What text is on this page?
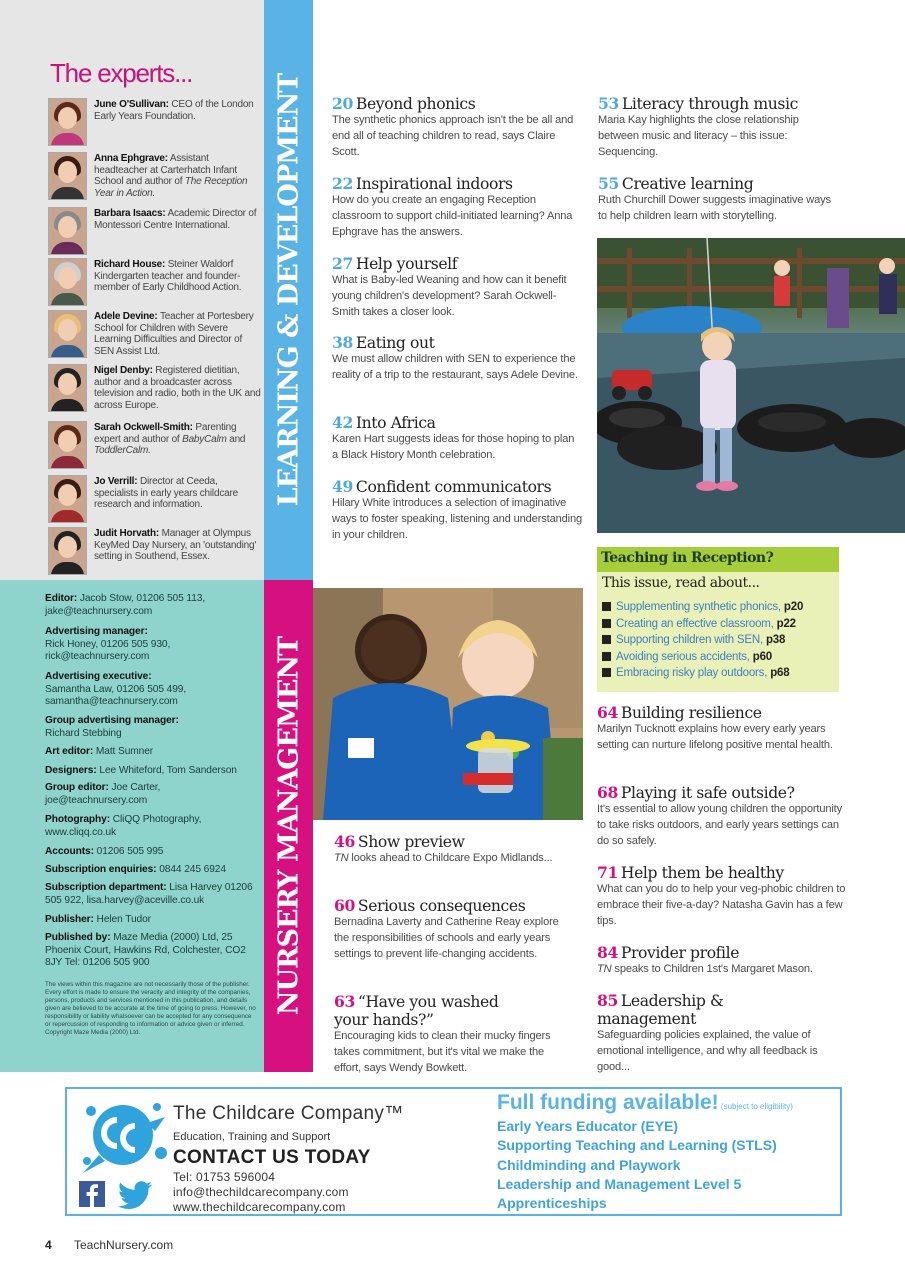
The experts...
June O'Sullivan: CEO of the London Early Years Foundation.
Anna Ephgrave: Assistant headteacher at Carterhatch Infant School and author of The Reception Year in Action.
Barbara Isaacs: Academic Director of Montessori Centre International.
Richard House: Steiner Waldorf Kindergarten teacher and founder-member of Early Childhood Action.
Adele Devine: Teacher at Portesbery School for Children with Severe Learning Difficulties and Director of SEN Assist Ltd.
Nigel Denby: Registered dietitian, author and a broadcaster across television and radio, both in the UK and across Europe.
Sarah Ockwell-Smith: Parenting expert and author of BabyCalm and ToddlerCalm.
Jo Verrill: Director at Ceeda, specialists in early years childcare research and information.
Judit Horvath: Manager at Olympus KeyMed Day Nursery, an 'outstanding' setting in Southend, Essex.
Editor: Jacob Stow, 01206 505 113, jake@teachnursery.com
Advertising manager:
Rick Honey, 01206 505 930, rick@teachnursery.com
Advertising executive:
Samantha Law, 01206 505 499, samantha@teachnursery.com
Group advertising manager:
Richard Stebbing
Art editor: Matt Sumner
Designers: Lee Whiteford, Tom Sanderson
Group editor: Joe Carter, joe@teachnursery.com
Photography: CliQQ Photography, www.cliqq.co.uk
Accounts: 01206 505 995
Subscription enquiries: 0844 245 6924
Subscription department: Lisa Harvey 01206 505 922, lisa.harvey@aceville.co.uk
Publisher: Helen Tudor
Published by: Maze Media (2000) Ltd, 25 Phoenix Court, Hawkins Rd, Colchester, CO2 8JY Tel: 01206 505 900
The views within this magazine are not necessarily those of the publisher. Every effort is made to ensure the veracity and integrity of the companies, persons, products and services mentioned in this publication, and details given are believed to be accurate at the time of going to press. However, no responsibility or liability whatsoever can be accepted for any consequence or repercussion of responding to information or advice given or inferred. Copyright Maze Media (2000) Ltd.
LEARNING & DEVELOPMENT
NURSERY MANAGEMENT
20 Beyond phonics
The synthetic phonics approach isn't the be all and end all of teaching children to read, says Claire Scott.
22 Inspirational indoors
How do you create an engaging Reception classroom to support child-initiated learning? Anna Ephgrave has the answers.
27 Help yourself
What is Baby-led Weaning and how can it benefit young children's development? Sarah Ockwell-Smith takes a closer look.
38 Eating out
We must allow children with SEN to experience the reality of a trip to the restaurant, says Adele Devine.
42 Into Africa
Karen Hart suggests ideas for those hoping to plan a Black History Month celebration.
49 Confident communicators
Hilary White introduces a selection of imaginative ways to foster speaking, listening and understanding in your children.
53 Literacy through music
Maria Kay highlights the close relationship between music and literacy – this issue: Sequencing.
55 Creative learning
Ruth Churchill Dower suggests imaginative ways to help children learn with storytelling.
46 Show preview
TN looks ahead to Childcare Expo Midlands...
60 Serious consequences
Bernadina Laverty and Catherine Reay explore the responsibilities of schools and early years settings to prevent life-changing accidents.
63 “Have you washed your hands?”
Encouraging kids to clean their mucky fingers takes commitment, but it's vital we make the effort, says Wendy Bowkett.
64 Building resilience
Marilyn Tucknott explains how every early years setting can nurture lifelong positive mental health.
68 Playing it safe outside?
It's essential to allow young children the opportunity to take risks outdoors, and early years settings can do so safely.
71 Help them be healthy
What can you do to help your veg-phobic children to embrace their five-a-day? Natasha Gavin has a few tips.
84 Provider profile
TN speaks to Children 1st's Margaret Mason.
85 Leadership & management
Safeguarding policies explained, the value of emotional intelligence, and why all feedback is good...
Teaching in Reception?
This issue, read about...
Supplementing synthetic phonics, p20
Creating an effective classroom, p22
Supporting children with SEN, p38
Avoiding serious accidents, p60
Embracing risky play outdoors, p68
The Childcare Company™
Education, Training and Support
CONTACT US TODAY
Tel: 01753 596004
info@thechildcarecompany.com
www.thechildcarecompany.com
Full funding available! (subject to eligibility)
Early Years Educator (EYE)
Supporting Teaching and Learning (STLS)
Childminding and Playwork
Leadership and Management Level 5
Apprenticeships
4 TeachNursery.com
